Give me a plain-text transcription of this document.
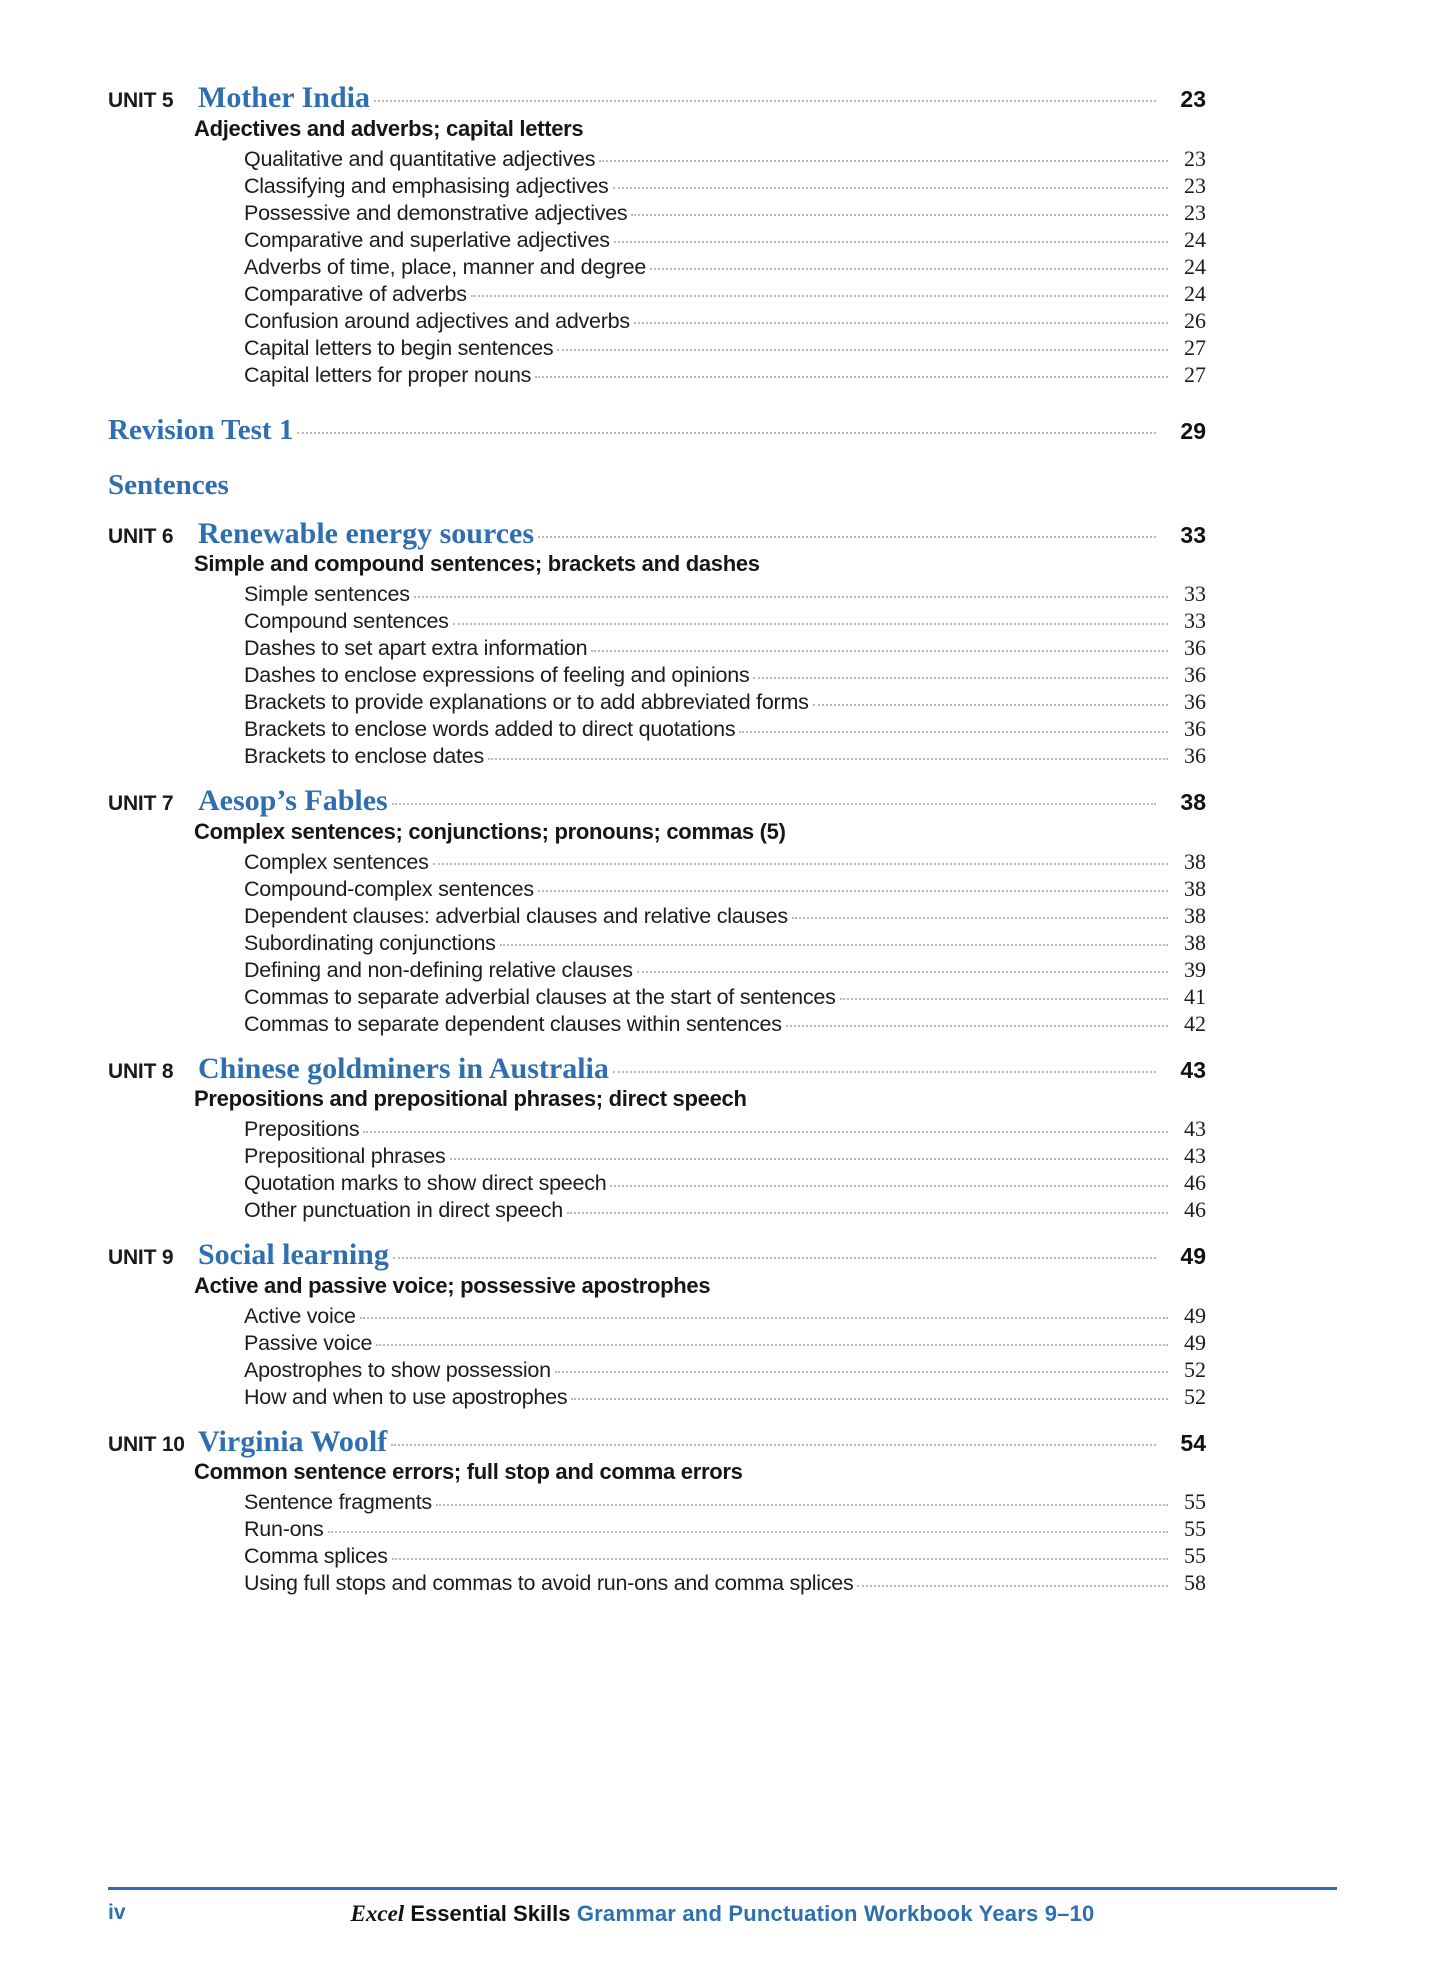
UNIT 5 Mother India	23
Adjectives and adverbs; capital letters
Qualitative and quantitative adjectives	23
Classifying and emphasising adjectives	23
Possessive and demonstrative adjectives	23
Comparative and superlative adjectives	24
Adverbs of time, place, manner and degree	24
Comparative of adverbs	24
Confusion around adjectives and adverbs	26
Capital letters to begin sentences	27
Capital letters for proper nouns	27
Revision Test 1	29
Sentences
UNIT 6 Renewable energy sources	33
Simple and compound sentences; brackets and dashes
Simple sentences	33
Compound sentences	33
Dashes to set apart extra information	36
Dashes to enclose expressions of feeling and opinions	36
Brackets to provide explanations or to add abbreviated forms	36
Brackets to enclose words added to direct quotations	36
Brackets to enclose dates	36
UNIT 7 Aesop’s Fables	38
Complex sentences; conjunctions; pronouns; commas (5)
Complex sentences	38
Compound-complex sentences	38
Dependent clauses: adverbial clauses and relative clauses	38
Subordinating conjunctions	38
Defining and non-defining relative clauses	39
Commas to separate adverbial clauses at the start of sentences	41
Commas to separate dependent clauses within sentences	42
UNIT 8 Chinese goldminers in Australia	43
Prepositions and prepositional phrases; direct speech
Prepositions	43
Prepositional phrases	43
Quotation marks to show direct speech	46
Other punctuation in direct speech	46
UNIT 9 Social learning	49
Active and passive voice; possessive apostrophes
Active voice	49
Passive voice	49
Apostrophes to show possession	52
How and when to use apostrophes	52
UNIT 10 Virginia Woolf	54
Common sentence errors; full stop and comma errors
Sentence fragments	55
Run-ons	55
Comma splices	55
Using full stops and commas to avoid run-ons and comma splices	58
iv	Excel Essential Skills Grammar and Punctuation Workbook Years 9–10
